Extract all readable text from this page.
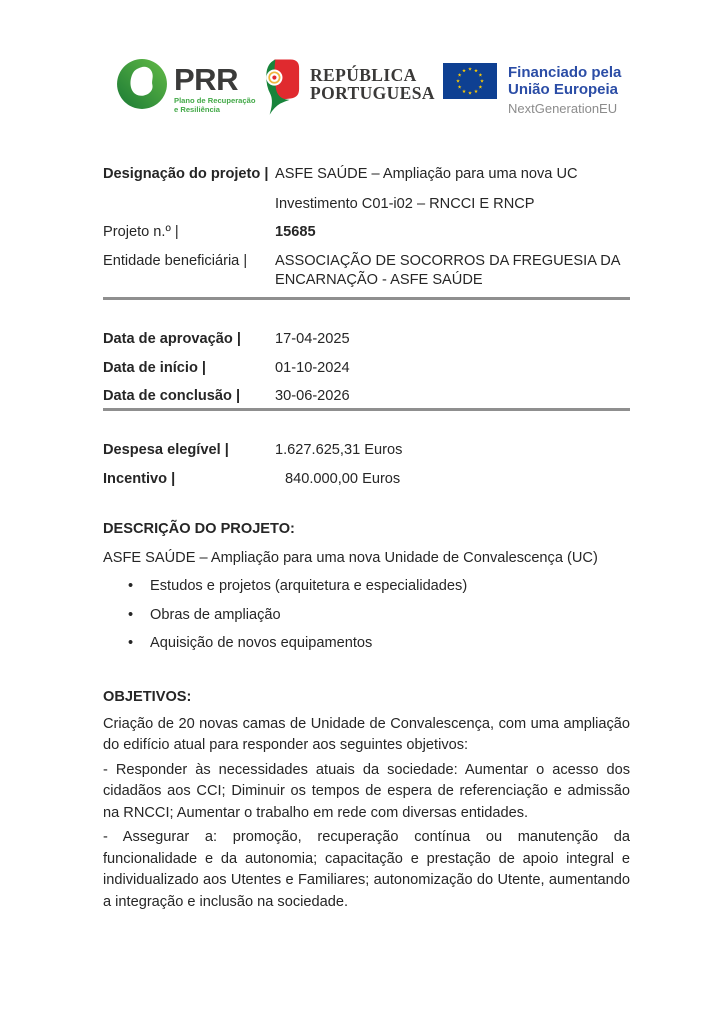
PRR
Plano de Recuperação
e Resiliência
REPÚBLICA
PORTUGUESA
Financiado pela
União Europeia
NextGenerationEU
Designação do projeto | ASFE SAÚDE – Ampliação para uma nova UC

Investimento C01-i02 – RNCCI E RNCP

Projeto n.º |	15685
Entidade beneficiária |	ASSOCIAÇÃO DE SOCORROS DA FREGUESIA DA ENCARNAÇÃO - ASFE SAÚDE
Data de aprovação |	17-04-2025
Data de início |	01-10-2024
Data de conclusão |	30-06-2026
Despesa elegível |	1.627.625,31 Euros
Incentivo |	840.000,00 Euros
DESCRIÇÃO DO PROJETO:

ASFE SAÚDE – Ampliação para uma nova Unidade de Convalescença (UC)

• Estudos e projetos (arquitetura e especialidades)
• Obras de ampliação
• Aquisição de novos equipamentos
OBJETIVOS:

Criação de 20 novas camas de Unidade de Convalescença, com uma ampliação do edifício atual para responder aos seguintes objetivos:

- Responder às necessidades atuais da sociedade: Aumentar o acesso dos cidadãos aos CCI; Diminuir os tempos de espera de referenciação e admissão na RNCCI; Aumentar o trabalho em rede com diversas entidades.

- Assegurar a: promoção, recuperação contínua ou manutenção da funcionalidade e da autonomia; capacitação e prestação de apoio integral e individualizado aos Utentes e Familiares; autonomização do Utente, aumentando a integração e inclusão na sociedade.
